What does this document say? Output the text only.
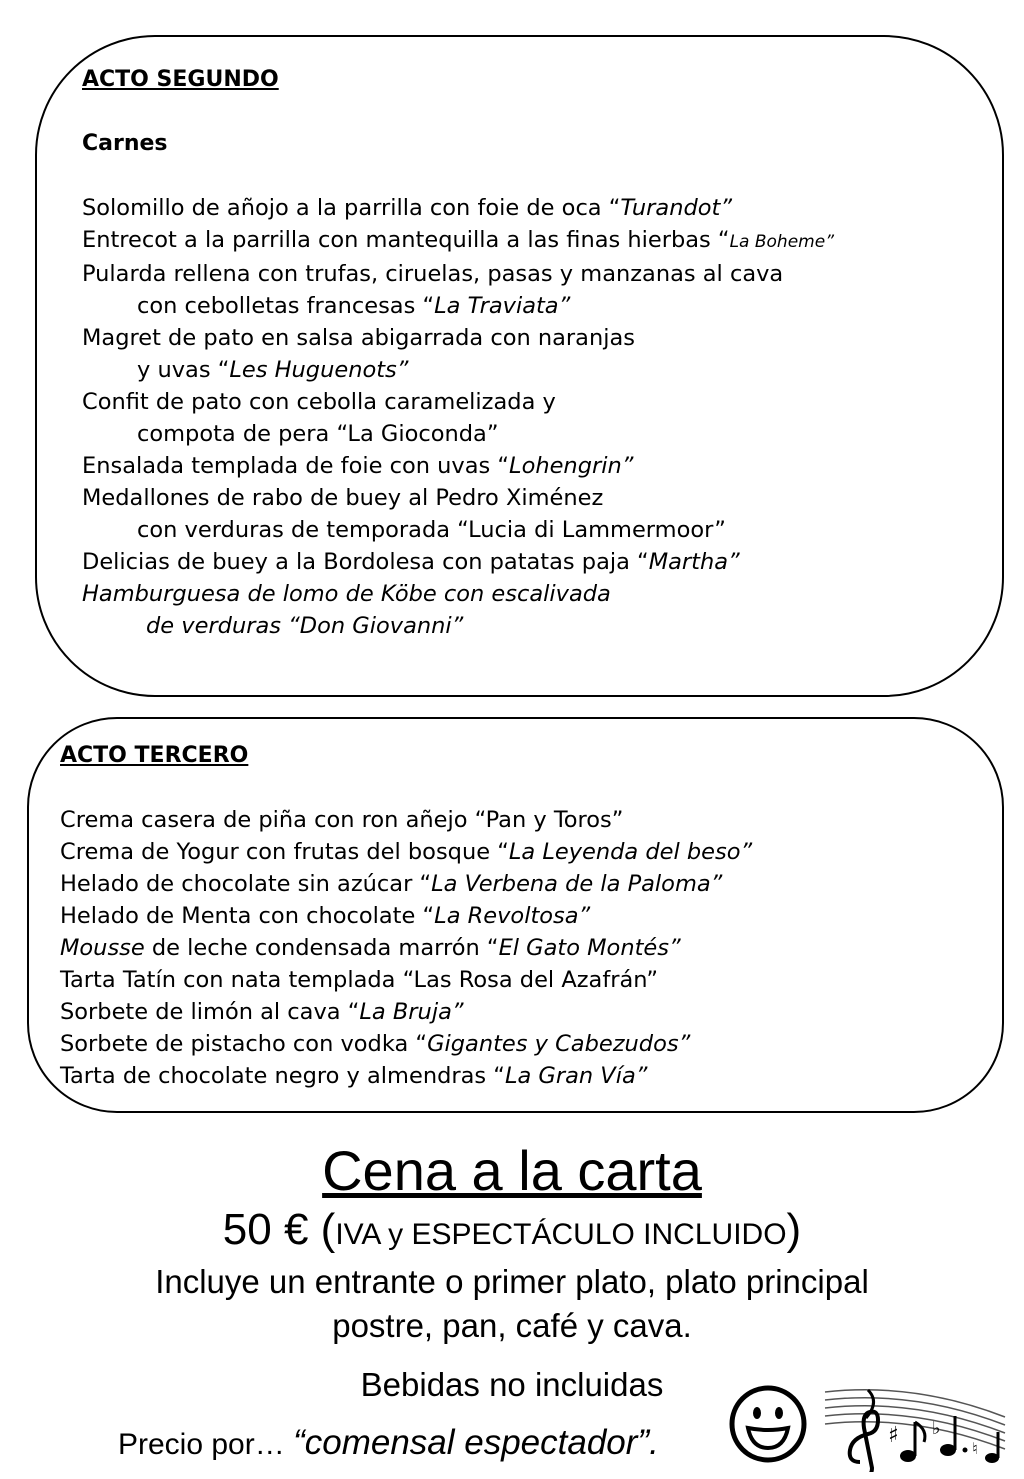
ACTO SEGUNDO
Carnes
Solomillo de añojo a la parrilla con foie de oca “Turandot”
Entrecot a la parrilla con mantequilla a las finas hierbas “La Boheme”
Pularda rellena con trufas, ciruelas, pasas y manzanas al cava
con cebolletas francesas “La Traviata”
Magret de pato en salsa abigarrada con naranjas
y uvas “Les Huguenots”
Confit de pato con cebolla caramelizada y
compota de pera “La Gioconda”
Ensalada templada de foie con uvas “Lohengrin”
Medallones de rabo de buey al Pedro Ximénez
con verduras de temporada “Lucia di Lammermoor”
Delicias de buey a la Bordolesa con patatas paja “Martha”
Hamburguesa de lomo de Köbe con escalivada
de verduras “Don Giovanni”
ACTO TERCERO
Crema casera de piña con ron añejo “Pan y Toros”
Crema de Yogur con frutas del bosque “La Leyenda del beso”
Helado de chocolate sin azúcar “La Verbena de la Paloma”
Helado de Menta con chocolate “La Revoltosa”
Mousse de leche condensada marrón “El Gato Montés”
Tarta Tatín con nata templada “Las Rosa del Azafrán”
Sorbete de limón al cava “La Bruja”
Sorbete de pistacho con vodka “Gigantes y Cabezudos”
Tarta de chocolate negro y almendras “La Gran Vía”
Cena a la carta
50 € (IVA y ESPECTÁCULO INCLUIDO)
Incluye un entrante o primer plato, plato principal
postre, pan, café y cava.
Bebidas no incluidas
Precio por… “comensal espectador”.	♯ ♭
♮
